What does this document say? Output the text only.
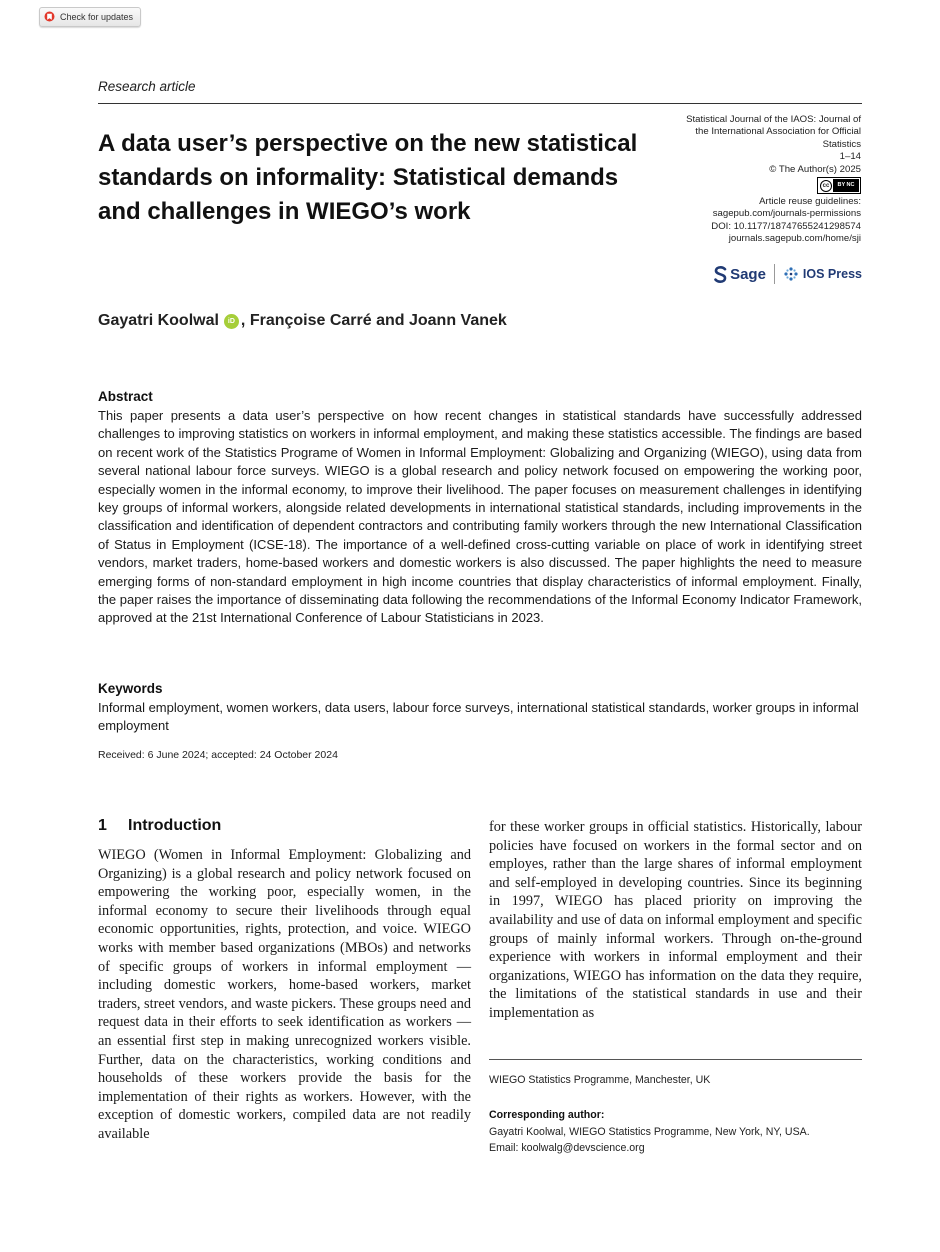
Check for updates
Research article
A data user’s perspective on the new statistical standards on informality: Statistical demands and challenges in WIEGO’s work
Statistical Journal of the IAOS: Journal of
the International Association for Official
Statistics
1–14
© The Author(s) 2025
cc	BY NC
Article reuse guidelines:
sagepub.com/journals-permissions
DOI: 10.1177/18747655241298574
journals.sagepub.com/home/sji
Sage	IOS Press
Gayatri Koolwal	iD , Françoise Carré and Joann Vanek
Abstract

This paper presents a data user’s perspective on how recent changes in statistical standards have successfully addressed challenges to improving statistics on workers in informal employment, and making these statistics accessible. The findings are based on recent work of the Statistics Programe of Women in Informal Employment: Globalizing and Organizing (WIEGO), using data from several national labour force surveys. WIEGO is a global research and policy network focused on empowering the working poor, especially women in the informal economy, to improve their livelihood. The paper focuses on measurement challenges in identifying key groups of informal workers, alongside related developments in international statistical standards, including improvements in the classification and identification of dependent contractors and contributing family workers through the new International Classification of Status in Employment (ICSE-18). The importance of a well-defined cross-cutting variable on place of work in identifying street vendors, market traders, home-based workers and domestic workers is also discussed. The paper highlights the need to measure emerging forms of non-standard employment in high income countries that display characteristics of informal employment. Finally, the paper raises the importance of disseminating data following the recommendations of the Informal Economy Indicator Framework, approved at the 21st International Conference of Labour Statisticians in 2023.

Keywords

Informal employment, women workers, data users, labour force surveys, international statistical standards, worker groups in informal employment

Received: 6 June 2024; accepted: 24 October 2024
1 Introduction

WIEGO (Women in Informal Employment: Globalizing and Organizing) is a global research and policy network focused on empowering the working poor, especially women, in the informal economy to secure their livelihoods through equal economic opportunities, rights, protection, and voice. WIEGO works with member based organizations (MBOs) and networks of specific groups of workers in informal employment — including domestic workers, home-based workers, market traders, street vendors, and waste pickers. These groups need and request data in their efforts to seek identification as workers — an essential first step in making unrecognized workers visible. Further, data on the characteristics, working conditions and households of these workers provide the basis for the implementation of their rights as workers. However, with the exception of domestic workers, compiled data are not readily available

for these worker groups in official statistics. Historically, labour policies have focused on workers in the formal sector and on employes, rather than the large shares of informal employment and self-employed in developing countries. Since its beginning in 1997, WIEGO has placed priority on improving the availability and use of data on informal employment and specific groups of mainly informal workers. Through on-the-ground experience with workers in informal employment and their organizations, WIEGO has information on the data they require, the limitations of the statistical standards in use and their implementation as

WIEGO Statistics Programme, Manchester, UK
Corresponding author:
Gayatri Koolwal, WIEGO Statistics Programme, New York, NY, USA.
Email: koolwalg@devscience.org
